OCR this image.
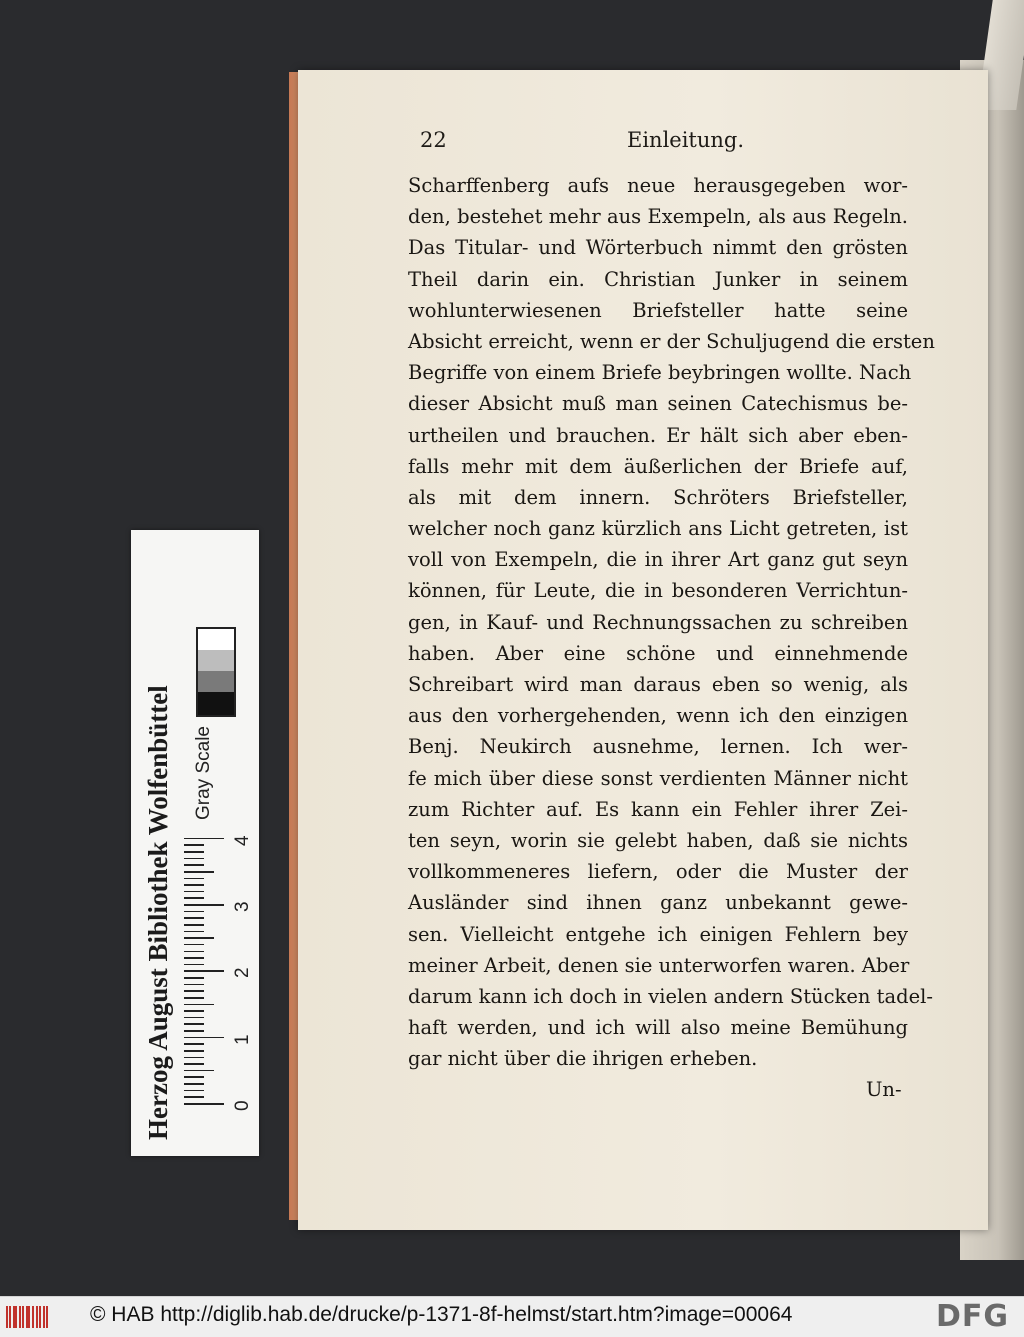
22	Einleitung.
Scharffenberg aufs neue herausgegeben wor-
den, bestehet mehr aus Exempeln, als aus Regeln.
Das Titular- und Wörterbuch nimmt den grösten
Theil darin ein. Christian Junker in seinem
wohlunterwiesenen Briefsteller hatte seine
Absicht erreicht, wenn er der Schuljugend die ersten
Begriffe von einem Briefe beybringen wollte. Nach
dieser Absicht muß man seinen Catechismus be-
urtheilen und brauchen. Er hält sich aber eben-
falls mehr mit dem äußerlichen der Briefe auf,
als mit dem innern. Schröters Briefsteller,
welcher noch ganz kürzlich ans Licht getreten, ist
voll von Exempeln, die in ihrer Art ganz gut seyn
können, für Leute, die in besonderen Verrichtun-
gen, in Kauf- und Rechnungssachen zu schreiben
haben. Aber eine schöne und einnehmende
Schreibart wird man daraus eben so wenig, als
aus den vorhergehenden, wenn ich den einzigen
Benj. Neukirch ausnehme, lernen. Ich wer-
fe mich über diese sonst verdienten Männer nicht
zum Richter auf. Es kann ein Fehler ihrer Zei-
ten seyn, worin sie gelebt haben, daß sie nichts
vollkommeneres liefern, oder die Muster der
Ausländer sind ihnen ganz unbekannt gewe-
sen. Vielleicht entgehe ich einigen Fehlern bey
meiner Arbeit, denen sie unterworfen waren. Aber
darum kann ich doch in vielen andern Stücken tadel-
haft werden, und ich will also meine Bemühung
gar nicht über die ihrigen erheben.
Un-
Herzog August Bibliothek Wolfenbüttel Gray Scale
0
1
2
3
4
© HAB http://diglib.hab.de/drucke/p-1371-8f-helmst/start.htm?image=00064	DFG
